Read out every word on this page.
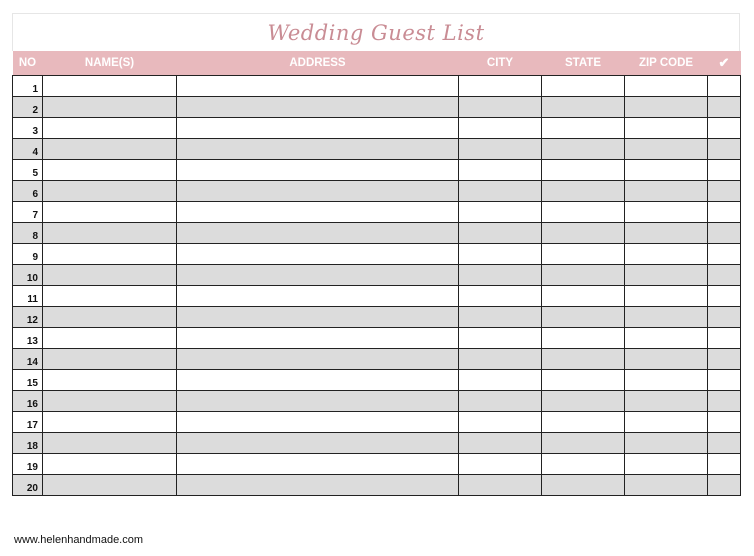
Wedding Guest List
NO	NAME(S)	ADDRESS	CITY	STATE	ZIP CODE	✔
1						
2						
3						
4						
5						
6						
7						
8						
9						
10						
11						
12						
13						
14						
15						
16						
17						
18						
19						
20						
www.helenhandmade.com
